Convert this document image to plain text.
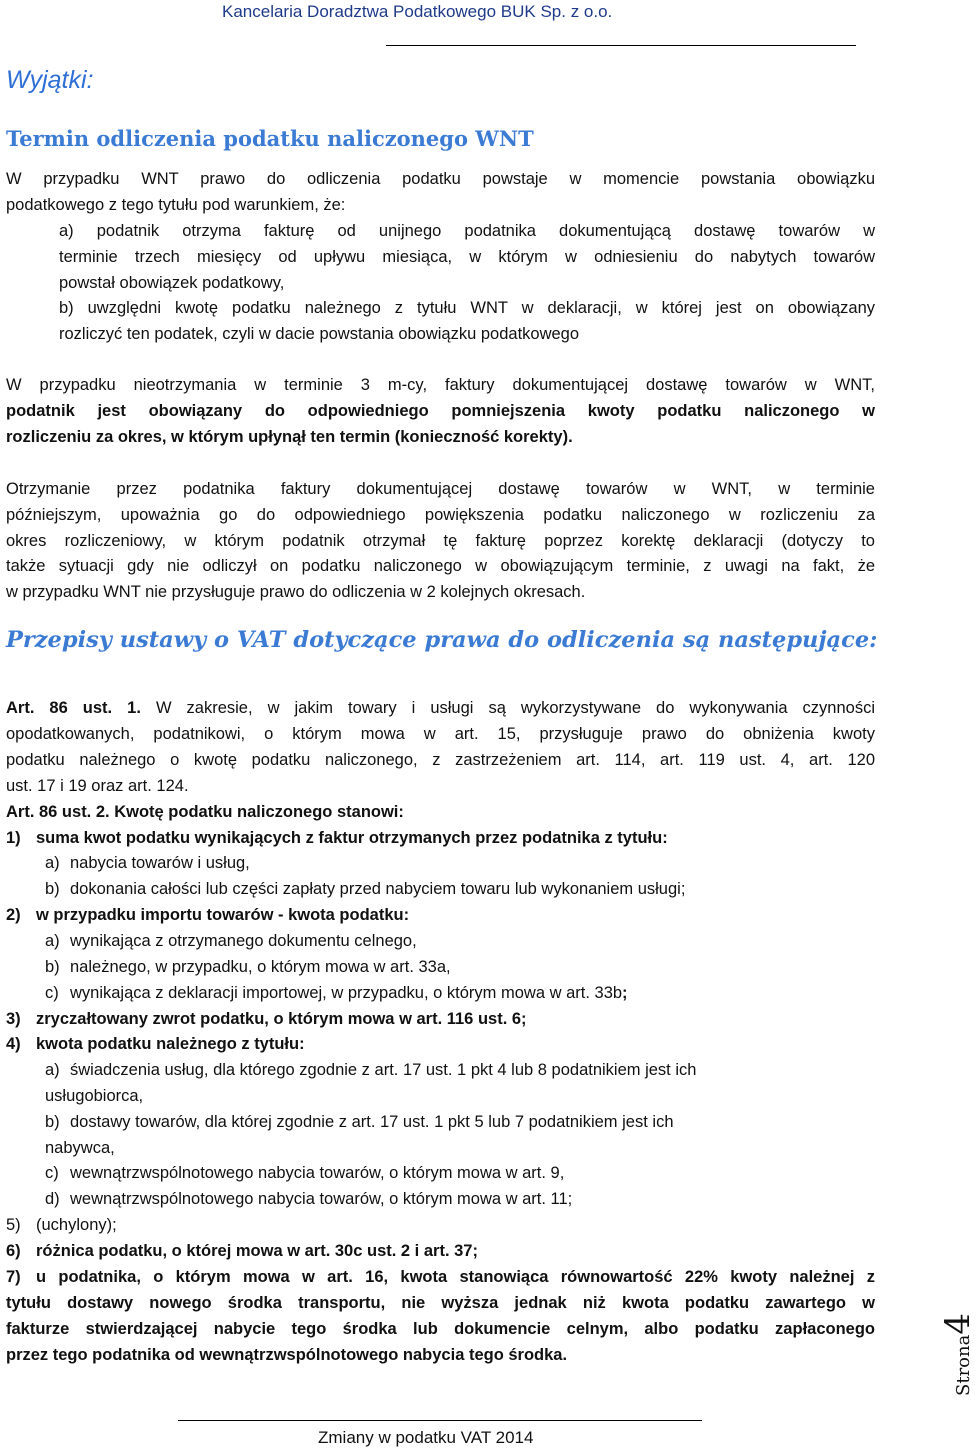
Kancelaria Doradztwa Podatkowego BUK Sp. z o.o.
Wyjątki:
Termin odliczenia podatku naliczonego WNT
W przypadku WNT prawo do odliczenia podatku powstaje w momencie powstania obowiązku
podatkowego z tego tytułu pod warunkiem, że:
a) podatnik otrzyma fakturę od unijnego podatnika dokumentującą dostawę towarów w
terminie trzech miesięcy od upływu miesiąca, w którym w odniesieniu do nabytych towarów
powstał obowiązek podatkowy,
b) uwzględni kwotę podatku należnego z tytułu WNT w deklaracji, w której jest on obowiązany
rozliczyć ten podatek, czyli w dacie powstania obowiązku podatkowego
W przypadku nieotrzymania w terminie 3 m-cy, faktury dokumentującej dostawę towarów w WNT,
podatnik jest obowiązany do odpowiedniego pomniejszenia kwoty podatku naliczonego w
rozliczeniu za okres, w którym upłynął ten termin (konieczność korekty).
Otrzymanie przez podatnika faktury dokumentującej dostawę towarów w WNT, w terminie
późniejszym, upoważnia go do odpowiedniego powiększenia podatku naliczonego w rozliczeniu za
okres rozliczeniowy, w którym podatnik otrzymał tę fakturę poprzez korektę deklaracji (dotyczy to
także sytuacji gdy nie odliczył on podatku naliczonego w obowiązującym terminie, z uwagi na fakt, że
w przypadku WNT nie przysługuje prawo do odliczenia w 2 kolejnych okresach.
Przepisy ustawy o VAT dotyczące prawa do odliczenia są następujące:
Art. 86 ust. 1. W zakresie, w jakim towary i usługi są wykorzystywane do wykonywania czynności
opodatkowanych, podatnikowi, o którym mowa w art. 15, przysługuje prawo do obniżenia kwoty
podatku należnego o kwotę podatku naliczonego, z zastrzeżeniem art. 114, art. 119 ust. 4, art. 120
ust. 17 i 19 oraz art. 124.
Art. 86 ust. 2. Kwotę podatku naliczonego stanowi:
1) suma kwot podatku wynikających z faktur otrzymanych przez podatnika z tytułu:
a) nabycia towarów i usług,
b) dokonania całości lub części zapłaty przed nabyciem towaru lub wykonaniem usługi;
2) w przypadku importu towarów - kwota podatku:
a) wynikająca z otrzymanego dokumentu celnego,
b) należnego, w przypadku, o którym mowa w art. 33a,
c) wynikająca z deklaracji importowej, w przypadku, o którym mowa w art. 33b;
3) zryczałtowany zwrot podatku, o którym mowa w art. 116 ust. 6;
4) kwota podatku należnego z tytułu:
a) świadczenia usług, dla którego zgodnie z art. 17 ust. 1 pkt 4 lub 8 podatnikiem jest ich
usługobiorca,
b) dostawy towarów, dla której zgodnie z art. 17 ust. 1 pkt 5 lub 7 podatnikiem jest ich
nabywca,
c) wewnątrzwspólnotowego nabycia towarów, o którym mowa w art. 9,
d) wewnątrzwspólnotowego nabycia towarów, o którym mowa w art. 11;
5) (uchylony);
6) różnica podatku, o której mowa w art. 30c ust. 2 i art. 37;
7) u podatnika, o którym mowa w art. 16, kwota stanowiąca równowartość 22% kwoty należnej z
tytułu dostawy nowego środka transportu, nie wyższa jednak niż kwota podatku zawartego w
fakturze stwierdzającej nabycie tego środka lub dokumencie celnym, albo podatku zapłaconego
przez tego podatnika od wewnątrzwspólnotowego nabycia tego środka.
Zmiany w podatku VAT 2014
Strona4
